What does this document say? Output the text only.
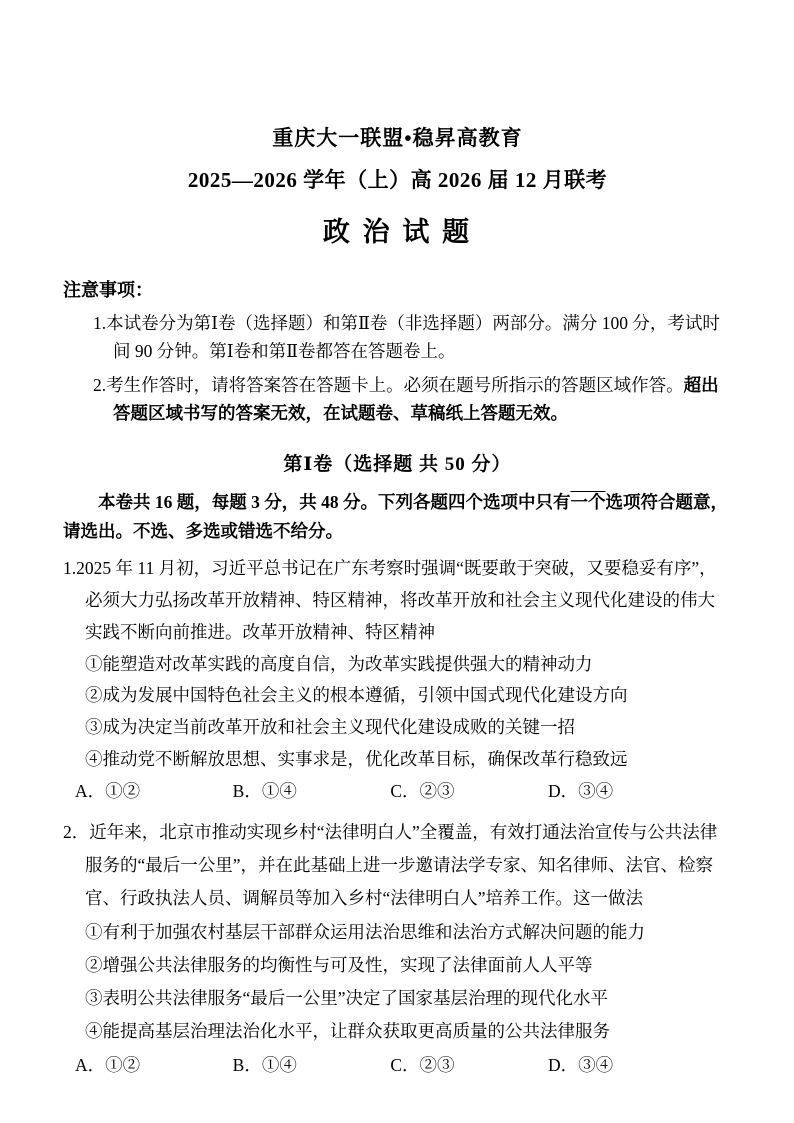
重庆大一联盟•稳昇高教育
2025—2026 学年（上）高 2026 届 12 月联考
政 治 试 题
注意事项：

1.本试卷分为第Ⅰ卷（选择题）和第Ⅱ卷（非选择题）两部分。满分 100 分，考试时间 90 分钟。第Ⅰ卷和第Ⅱ卷都答在答题卷上。

2.考生作答时，请将答案答在答题卡上。必须在题号所指示的答题区域作答。超出答题区域书写的答案无效，在试题卷、草稿纸上答题无效。

第Ⅰ卷（选择题 共 50 分）

本卷共 16 题，每题 3 分，共 48 分。下列各题四个选项中只有一个选项符合题意，请选出。不选、多选或错选不给分。

1.2025 年 11 月初，习近平总书记在广东考察时强调“既要敢于突破，又要稳妥有序”，必须大力弘扬改革开放精神、特区精神，将改革开放和社会主义现代化建设的伟大实践不断向前推进。改革开放精神、特区精神

①能塑造对改革实践的高度自信，为改革实践提供强大的精神动力
②成为发展中国特色社会主义的根本遵循，引领中国式现代化建设方向
③成为决定当前改革开放和社会主义现代化建设成败的关键一招
④推动党不断解放思想、实事求是，优化改革目标，确保改革行稳致远
A．①②	B．①④	C．②③	D．③④

2．近年来，北京市推动实现乡村“法律明白人”全覆盖，有效打通法治宣传与公共法律服务的“最后一公里”，并在此基础上进一步邀请法学专家、知名律师、法官、检察官、行政执法人员、调解员等加入乡村“法律明白人”培养工作。这一做法

①有利于加强农村基层干部群众运用法治思维和法治方式解决问题的能力
②增强公共法律服务的均衡性与可及性，实现了法律面前人人平等
③表明公共法律服务“最后一公里”决定了国家基层治理的现代化水平
④能提高基层治理法治化水平，让群众获取更高质量的公共法律服务
A．①②	B．①④	C．②③	D．③④
